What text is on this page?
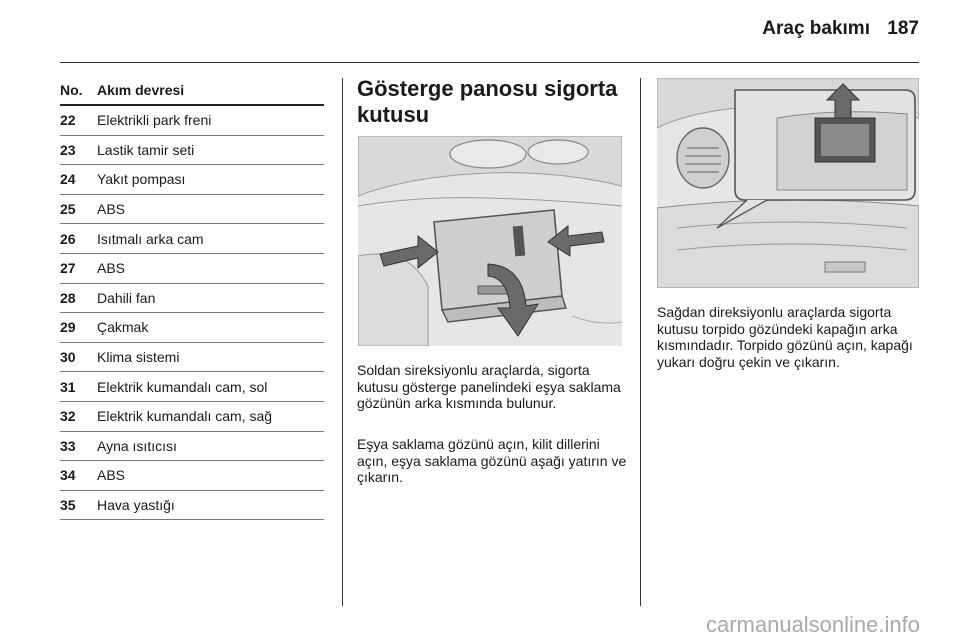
Araç bakımı 187
No.	Akım devresi
22	Elektrikli park freni
23	Lastik tamir seti
24	Yakıt pompası
25	ABS
26	Isıtmalı arka cam
27	ABS
28	Dahili fan
29	Çakmak
30	Klima sistemi
31	Elektrik kumandalı cam, sol
32	Elektrik kumandalı cam, sağ
33	Ayna ısıtıcısı
34	ABS
35	Hava yastığı
Gösterge panosu sigorta kutusu

Soldan sireksiyonlu araçlarda, sigorta kutusu gösterge panelindeki eşya saklama gözünün arka kısmında bulunur.

Eşya saklama gözünü açın, kilit dillerini açın, eşya saklama gözünü aşağı yatırın ve çıkarın.

Sağdan direksiyonlu araçlarda sigorta kutusu torpido gözündeki kapağın arka kısmındadır. Torpido gözünü açın, kapağı yukarı doğru çekin ve çıkarın.

carmanualsonline.info
